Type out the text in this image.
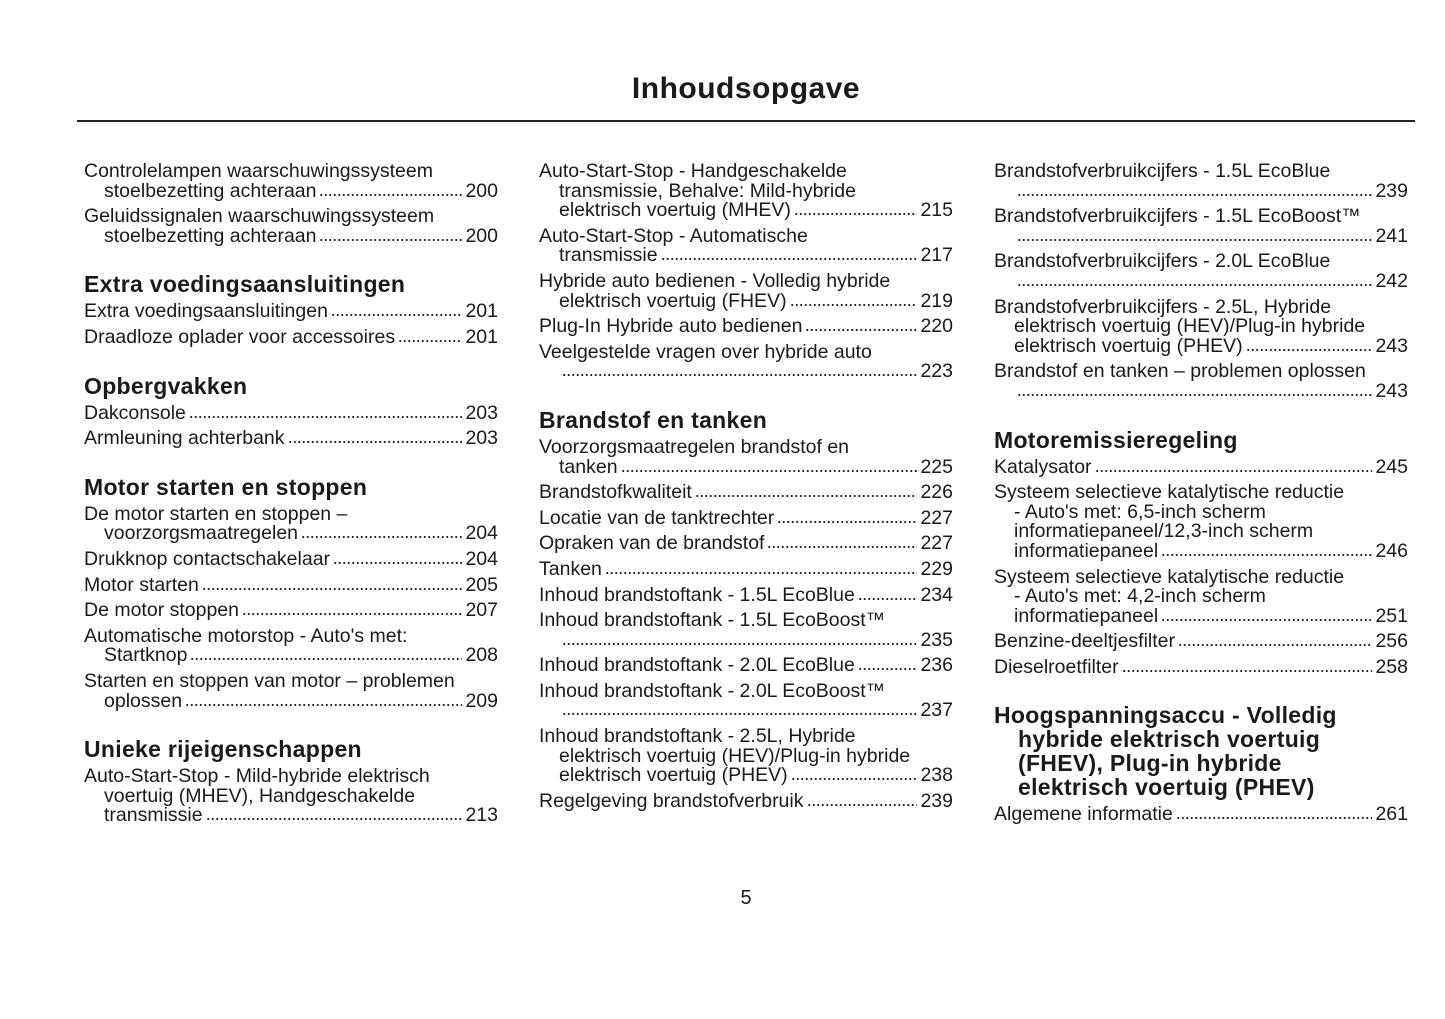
Inhoudsopgave
Controlelampen waarschuwingssysteem
stoelbezetting achteraan	200
Geluidssignalen waarschuwingssysteem
stoelbezetting achteraan	200
Extra voedingsaansluitingen
Extra voedingsaansluitingen	201
Draadloze oplader voor accessoires	201
Opbergvakken
Dakconsole	203
Armleuning achterbank	203
Motor starten en stoppen
De motor starten en stoppen –
voorzorgsmaatregelen	204
Drukknop contactschakelaar	204
Motor starten	205
De motor stoppen	207
Automatische motorstop - Auto's met:
Startknop	208
Starten en stoppen van motor – problemen
oplossen	209
Unieke rijeigenschappen
Auto-Start-Stop - Mild-hybride elektrisch
voertuig (MHEV), Handgeschakelde
transmissie	213
Auto-Start-Stop - Handgeschakelde
transmissie, Behalve: Mild-hybride
elektrisch voertuig (MHEV)	215
Auto-Start-Stop - Automatische
transmissie	217
Hybride auto bedienen - Volledig hybride
elektrisch voertuig (FHEV)	219
Plug-In Hybride auto bedienen	220
Veelgestelde vragen over hybride auto
223
Brandstof en tanken
Voorzorgsmaatregelen brandstof en
tanken	225
Brandstofkwaliteit	226
Locatie van de tanktrechter	227
Opraken van de brandstof	227
Tanken	229
Inhoud brandstoftank - 1.5L EcoBlue	234
Inhoud brandstoftank - 1.5L EcoBoost™
235
Inhoud brandstoftank - 2.0L EcoBlue	236
Inhoud brandstoftank - 2.0L EcoBoost™
237
Inhoud brandstoftank - 2.5L, Hybride
elektrisch voertuig (HEV)/Plug-in hybride
elektrisch voertuig (PHEV)	238
Regelgeving brandstofverbruik	239
Brandstofverbruikcijfers - 1.5L EcoBlue
239
Brandstofverbruikcijfers - 1.5L EcoBoost™
241
Brandstofverbruikcijfers - 2.0L EcoBlue
242
Brandstofverbruikcijfers - 2.5L, Hybride
elektrisch voertuig (HEV)/Plug-in hybride
elektrisch voertuig (PHEV)	243
Brandstof en tanken – problemen oplossen
243
Motoremissieregeling
Katalysator	245
Systeem selectieve katalytische reductie
- Auto's met: 6,5-inch scherm
informatiepaneel/12,3-inch scherm
informatiepaneel	246
Systeem selectieve katalytische reductie
- Auto's met: 4,2-inch scherm
informatiepaneel	251
Benzine-deeltjesfilter	256
Dieselroetfilter	258
Hoogspanningsaccu - Volledig
hybride elektrisch voertuig
(FHEV), Plug-in hybride
elektrisch voertuig (PHEV)
Algemene informatie	261
5
